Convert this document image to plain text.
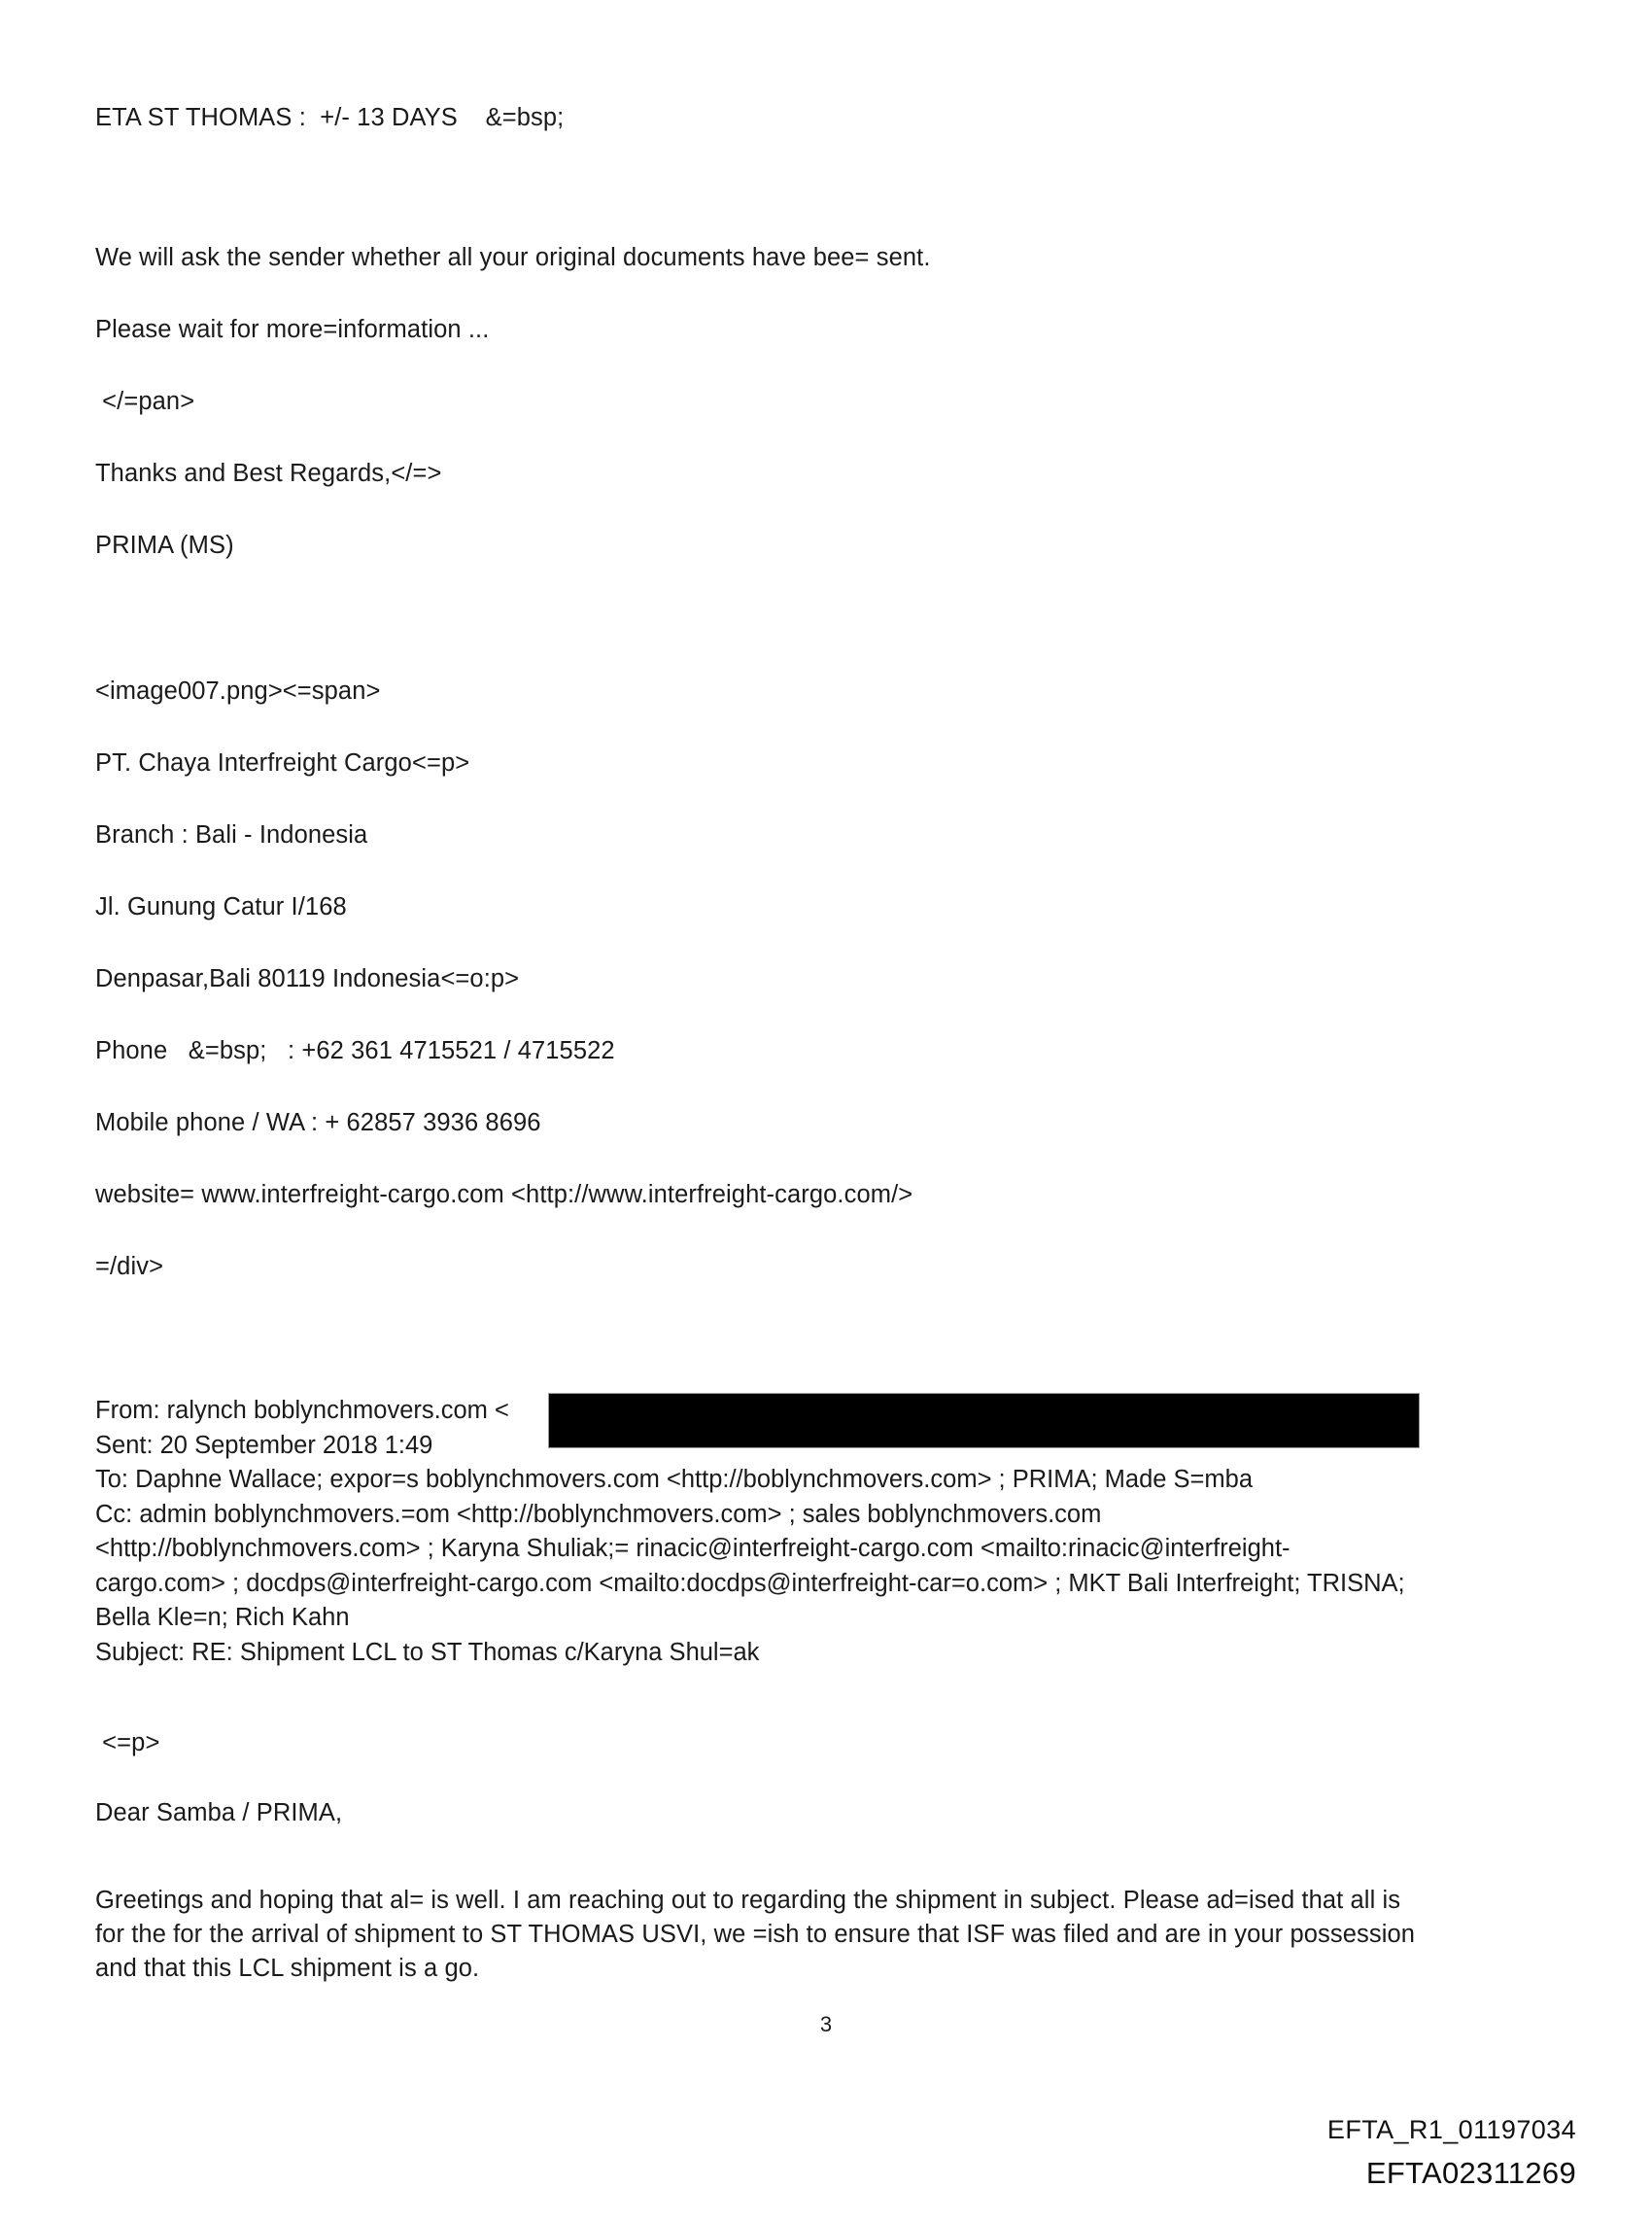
ETA ST THOMAS :  +/- 13 DAYS    &=bsp;
We will ask the sender whether all your original documents have bee= sent.
Please wait for more=information ...
</=pan>
Thanks and Best Regards,</=>
PRIMA (MS)
<image007.png><=span>
PT. Chaya Interfreight Cargo<=p>
Branch : Bali - Indonesia
Jl. Gunung Catur I/168
Denpasar,Bali 80119 Indonesia<=o:p>
Phone   &=bsp;   : +62 361 4715521 / 4715522
Mobile phone / WA : + 62857 3936 8696
website= www.interfreight-cargo.com <http://www.interfreight-cargo.com/>
=/div>
From: ralynch boblynchmovers.com <
Sent: 20 September 2018 1:49
To: Daphne Wallace; expor=s boblynchmovers.com <http://boblynchmovers.com> ; PRIMA; Made S=mba
Cc: admin boblynchmovers.=om <http://boblynchmovers.com> ; sales boblynchmovers.com
<http://boblynchmovers.com> ; Karyna Shuliak;= rinacic@interfreight-cargo.com <mailto:rinacic@interfreight-
cargo.com> ; docdps@interfreight-cargo.com <mailto:docdps@interfreight-car=o.com> ; MKT Bali Interfreight; TRISNA;
Bella Kle=n; Rich Kahn
Subject: RE: Shipment LCL to ST Thomas c/Karyna Shul=ak
<=p>
Dear Samba / PRIMA,
Greetings and hoping that al= is well. I am reaching out to regarding the shipment in subject. Please ad=ised that all is
for the for the arrival of shipment to ST THOMAS USVI, we =ish to ensure that ISF was filed and are in your possession
and that this LCL shipment is a go.
3
EFTA_R1_01197034
EFTA02311269
